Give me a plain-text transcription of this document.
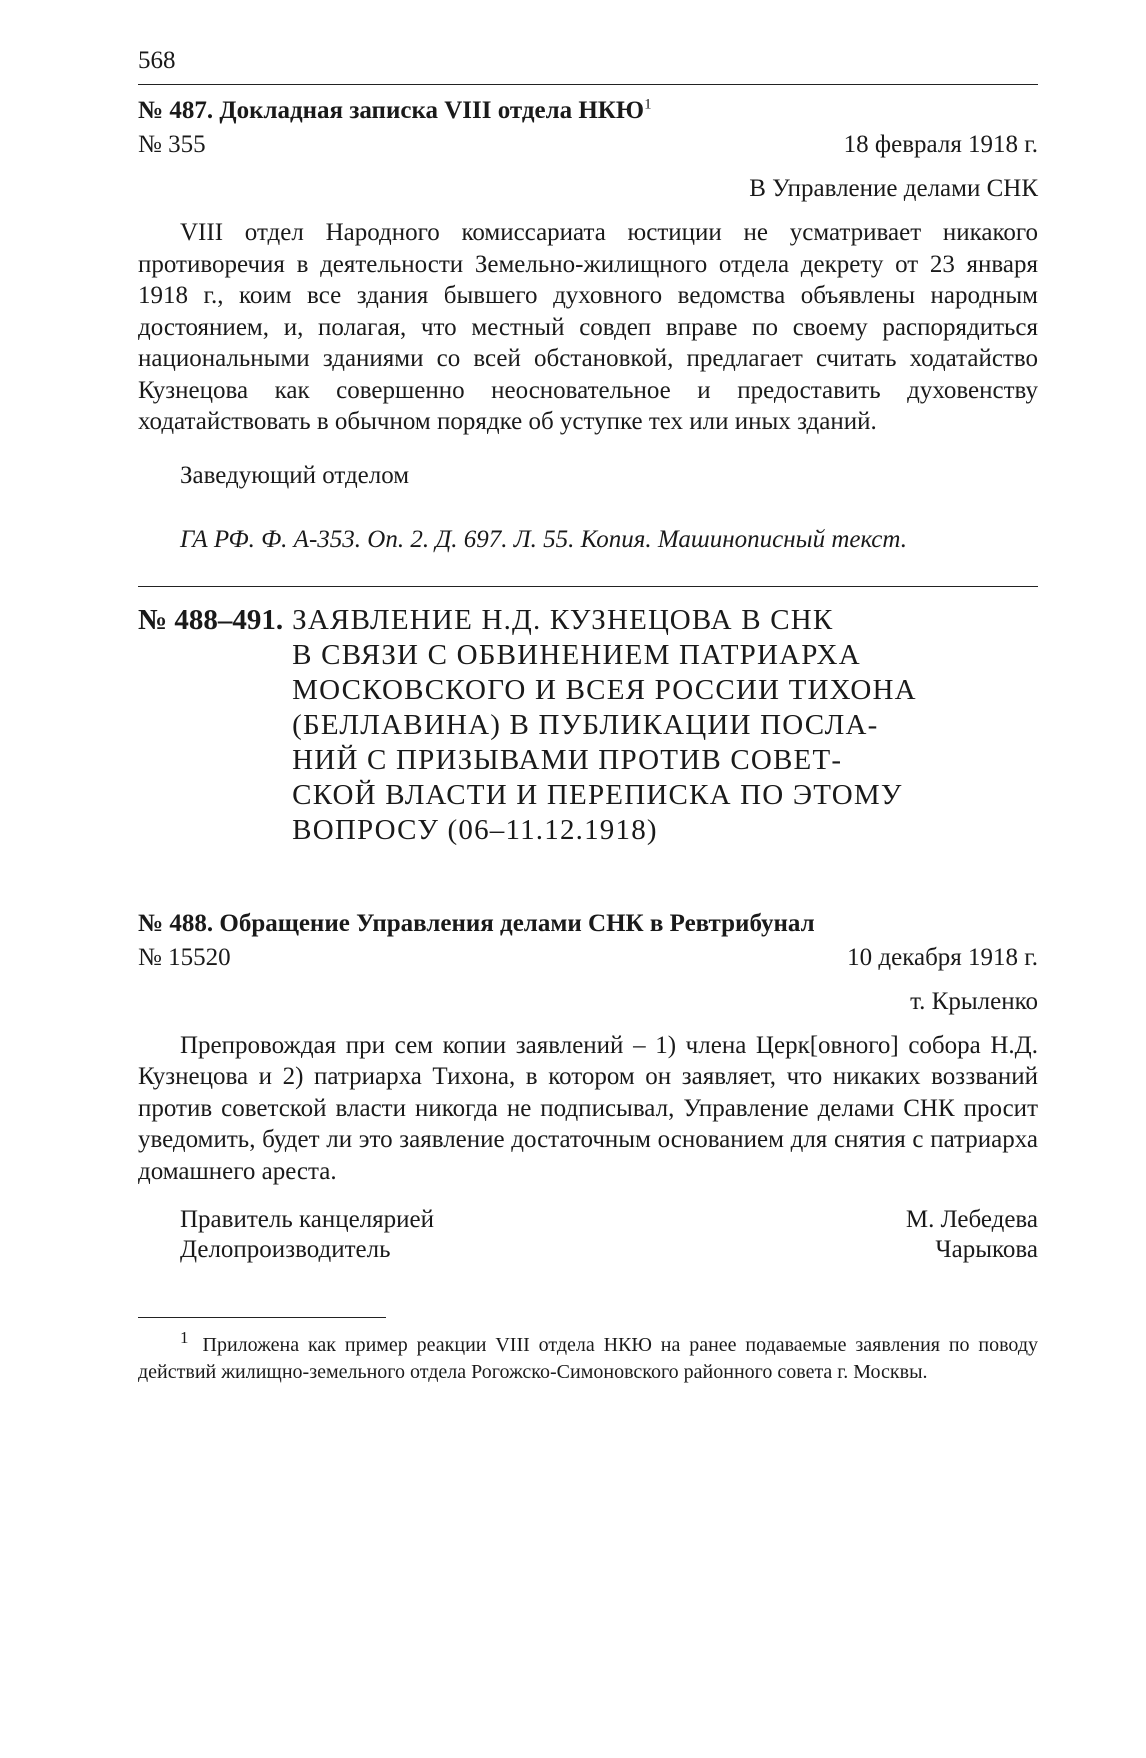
568
№ 487. Докладная записка VIII отдела НКЮ$^1$
№ 355	18 февраля 1918 г.
В Управление делами СНК

VIII отдел Народного комиссариата юстиции не усматривает никакого противоречия в деятельности Земельно-жилищного отдела декрету от 23 января 1918 г., коим все здания бывшего духовного ведомства объявлены народным достоянием, и, полагая, что местный совдеп вправе по своему распорядиться национальными зданиями со всей обстановкой, предлагает считать ходатайство Кузнецова как совершенно неосновательное и предоставить духовенству ходатайствовать в обычном порядке об уступке тех или иных зданий.

Заведующий отделом
ГА РФ. Ф. А-353. Оп. 2. Д. 697. Л. 55. Копия. Машинописный текст.
№ 488–491. ЗАЯВЛЕНИЕ Н.Д. КУЗНЕЦОВА В СНК
В СВЯЗИ С ОБВИНЕНИЕМ ПАТРИАРХА
МОСКОВСКОГО И ВСЕЯ РОССИИ ТИХОНА
(БЕЛЛАВИНА) В ПУБЛИКАЦИИ ПОСЛА-
НИЙ С ПРИЗЫВАМИ ПРОТИВ СОВЕТ-
СКОЙ ВЛАСТИ И ПЕРЕПИСКА ПО ЭТОМУ
ВОПРОСУ (06–11.12.1918)
№ 488. Обращение Управления делами СНК в Ревтрибунал
№ 15520	10 декабря 1918 г.
т. Крыленко

Препровождая при сем копии заявлений – 1) члена Церк[овного] собора Н.Д. Кузнецова и 2) патриарха Тихона, в котором он заявляет, что никаких воззваний против советской власти никогда не подписывал, Управление делами СНК просит уведомить, будет ли это заявление достаточным основанием для снятия с патриарха домашнего ареста.

Правитель канцелярией	М. Лебедева
Делопроизводитель	Чарыкова

$^1$ Приложена как пример реакции VIII отдела НКЮ на ранее подаваемые заявления по поводу действий жилищно-земельного отдела Рогожско-Симоновского районного совета г. Москвы.
